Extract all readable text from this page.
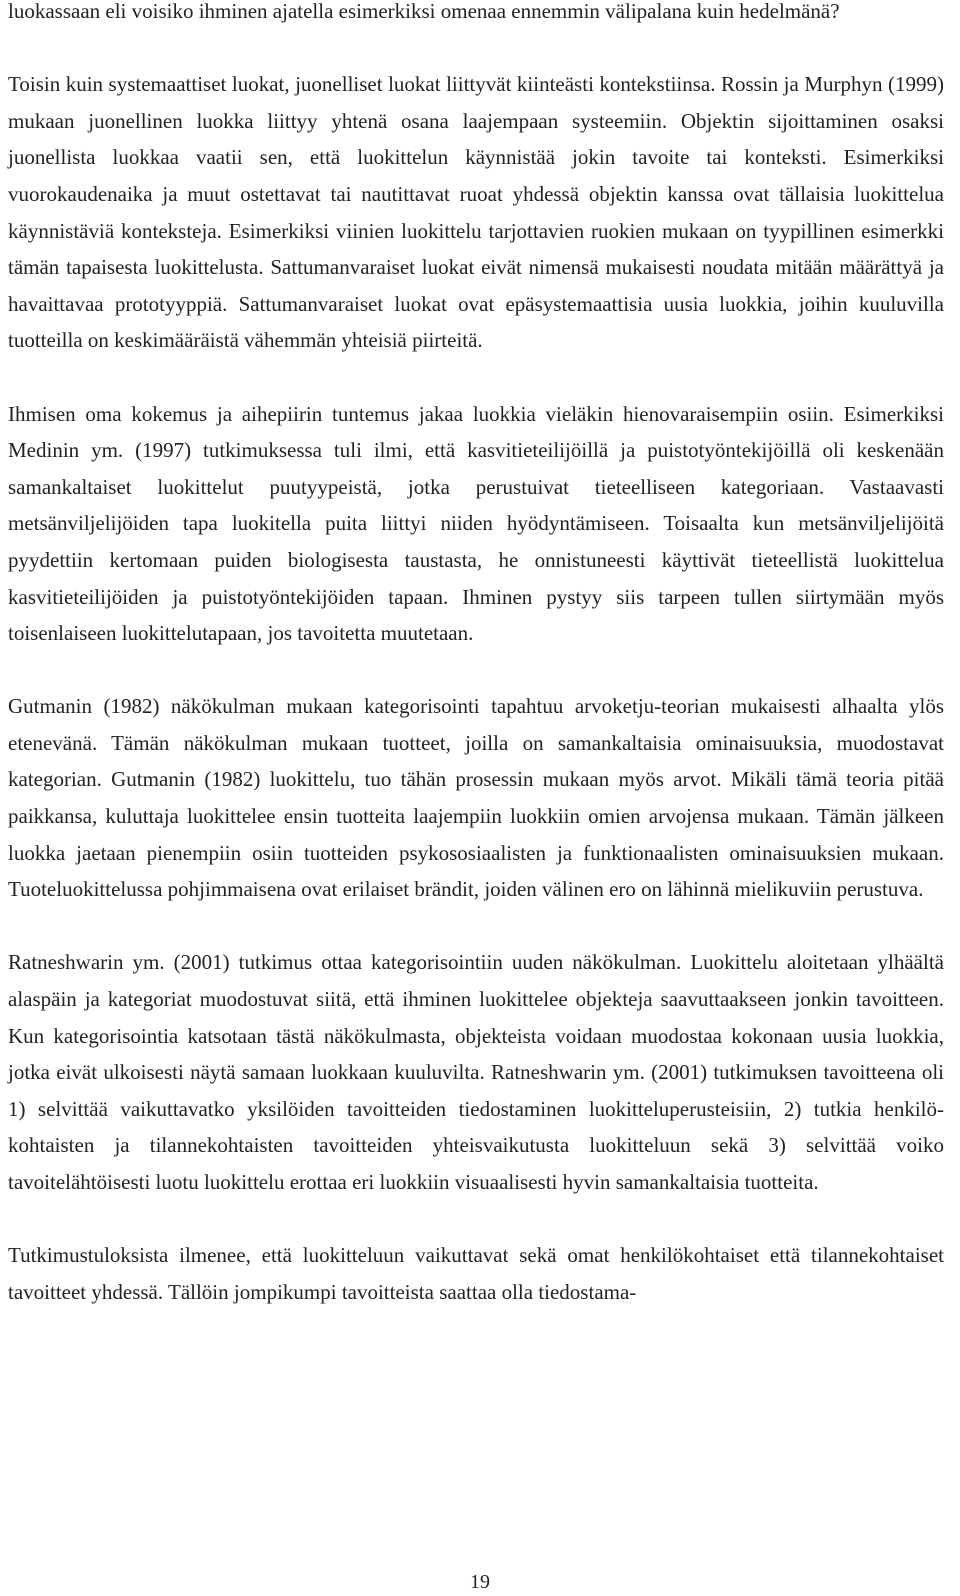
luokassaan eli voisiko ihminen ajatella esimerkiksi omenaa ennemmin välipalana kuin hedelmänä?

Toisin kuin systemaattiset luokat, juonelliset luokat liittyvät kiinteästi kontekstiinsa. Rossin ja Murphyn (1999) mukaan juonellinen luokka liittyy yhtenä osana laajempaan systeemiin. Objektin sijoittaminen osaksi juonellista luokkaa vaatii sen, että luokittelun käynnistää jokin tavoite tai konteksti. Esimerkiksi vuorokaudenaika ja muut ostettavat tai nautittavat ruoat yhdessä objektin kanssa ovat tällaisia luokittelua käynnistäviä konteksteja. Esimerkiksi viinien luokittelu tarjottavien ruokien mukaan on tyypillinen esimerkki tämän tapaisesta luokittelusta. Sattumanvaraiset luokat eivät nimensä mukaisesti noudata mitään määrättyä ja havaittavaa prototyyppiä. Sattumanvaraiset luokat ovat epäsystemaattisia uusia luokkia, joihin kuuluvilla tuotteilla on keskimääräistä vähemmän yhteisiä piirteitä.

Ihmisen oma kokemus ja aihepiirin tuntemus jakaa luokkia vieläkin hienovaraisempiin osiin. Esimerkiksi Medinin ym. (1997) tutkimuksessa tuli ilmi, että kasvitieteilijöillä ja puistotyöntekijöillä oli keskenään samankaltaiset luokittelut puutyypeistä, jotka perustuivat tieteelliseen kategoriaan. Vastaavasti metsänviljelijöiden tapa luokitella puita liittyi niiden hyödyntämiseen. Toisaalta kun metsänviljelijöitä pyydettiin kertomaan puiden biologisesta taustasta, he onnistuneesti käyttivät tieteellistä luokittelua kasvitieteilijöiden ja puistotyöntekijöiden tapaan. Ihminen pystyy siis tarpeen tullen siirtymään myös toisenlaiseen luokittelutapaan, jos tavoitetta muutetaan.

Gutmanin (1982) näkökulman mukaan kategorisointi tapahtuu arvoketju-teorian mukaisesti alhaalta ylös etenevänä. Tämän näkökulman mukaan tuotteet, joilla on samankaltaisia ominaisuuksia, muodostavat kategorian. Gutmanin (1982) luokittelu, tuo tähän prosessin mukaan myös arvot. Mikäli tämä teoria pitää paikkansa, kuluttaja luokittelee ensin tuotteita laajempiin luokkiin omien arvojensa mukaan. Tämän jälkeen luokka jaetaan pienempiin osiin tuotteiden psykososiaalisten ja funktionaalisten ominaisuuksien mukaan. Tuoteluokittelussa pohjimmaisena ovat erilaiset brändit, joiden välinen ero on lähinnä mielikuviin perustuva.

Ratneshwarin ym. (2001) tutkimus ottaa kategorisointiin uuden näkökulman. Luokittelu aloitetaan ylhäältä alaspäin ja kategoriat muodostuvat siitä, että ihminen luokittelee objekteja saavuttaakseen jonkin tavoitteen. Kun kategorisointia katsotaan tästä näkökulmasta, objekteista voidaan muodostaa kokonaan uusia luokkia, jotka eivät ulkoisesti näytä samaan luokkaan kuuluvilta. Ratneshwarin ym. (2001) tutkimuksen tavoitteena oli 1) selvittää vaikuttavatko yksilöiden tavoitteiden tiedostaminen luokitteluperusteisiin, 2) tutkia henkilökohtaisten ja tilannekohtaisten tavoitteiden yhteisvaikutusta luokitteluun sekä 3) selvittää voiko tavoitelähtöisesti luotu luokittelu erottaa eri luokkiin visuaalisesti hyvin samankaltaisia tuotteita.

Tutkimustuloksista ilmenee, että luokitteluun vaikuttavat sekä omat henkilökohtaiset että tilannekohtaiset tavoitteet yhdessä. Tällöin jompikumpi tavoitteista saattaa olla tiedostama-

19
